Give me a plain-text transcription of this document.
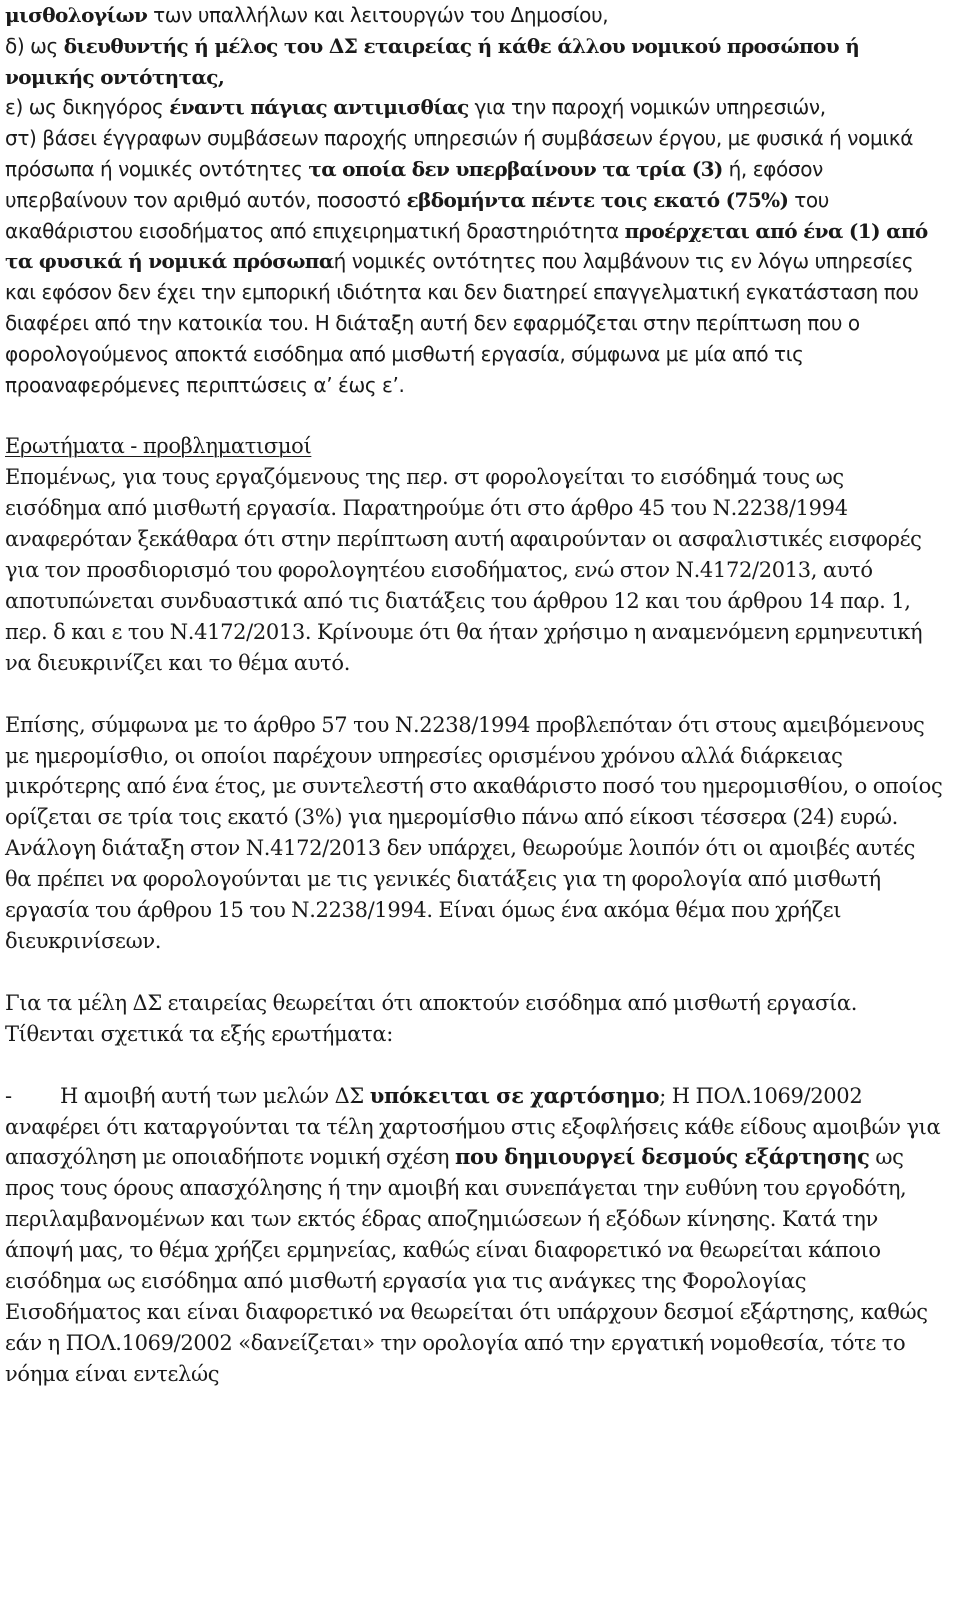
μισθολογίων των υπαλλήλων και λειτουργών του Δημοσίου,
δ) ως διευθυντής ή μέλος του ΔΣ εταιρείας ή κάθε άλλου νομικού προσώπου ή νομικής οντότητας,
ε) ως δικηγόρος έναντι πάγιας αντιμισθίας για την παροχή νομικών υπηρεσιών,
στ) βάσει έγγραφων συμβάσεων παροχής υπηρεσιών ή συμβάσεων έργου, με φυσικά ή νομικά πρόσωπα ή νομικές οντότητες τα οποία δεν υπερβαίνουν τα τρία (3) ή, εφόσον υπερβαίνουν τον αριθμό αυτόν, ποσοστό εβδομήντα πέντε τοις εκατό (75%) του ακαθάριστου εισοδήματος από επιχειρηματική δραστηριότητα προέρχεται από ένα (1) από τα φυσικά ή νομικά πρόσωπαή νομικές οντότητες που λαμβάνουν τις εν λόγω υπηρεσίες και εφόσον δεν έχει την εμπορική ιδιότητα και δεν διατηρεί επαγγελματική εγκατάσταση που διαφέρει από την κατοικία του. Η διάταξη αυτή δεν εφαρμόζεται στην περίπτωση που ο φορολογούμενος αποκτά εισόδημα από μισθωτή εργασία, σύμφωνα με μία από τις προαναφερόμενες περιπτώσεις α’ έως ε’.

Ερωτήματα - προβληματισμοί

Επομένως, για τους εργαζόμενους της περ. στ φορολογείται το εισόδημά τους ως εισόδημα από μισθωτή εργασία. Παρατηρούμε ότι στο άρθρο 45 του Ν.2238/1994 αναφερόταν ξεκάθαρα ότι στην περίπτωση αυτή αφαιρούνταν οι ασφαλιστικές εισφορές για τον προσδιορισμό του φορολογητέου εισοδήματος, ενώ στον Ν.4172/2013, αυτό αποτυπώνεται συνδυαστικά από τις διατάξεις του άρθρου 12 και του άρθρου 14 παρ. 1, περ. δ και ε του Ν.4172/2013. Κρίνουμε ότι θα ήταν χρήσιμο η αναμενόμενη ερμηνευτική να διευκρινίζει και το θέμα αυτό.

Επίσης, σύμφωνα με το άρθρο 57 του Ν.2238/1994 προβλεπόταν ότι στους αμειβόμενους με ημερομίσθιο, οι οποίοι παρέχουν υπηρεσίες ορισμένου χρόνου αλλά διάρκειας μικρότερης από ένα έτος, με συντελεστή στο ακαθάριστο ποσό του ημερομισθίου, ο οποίος ορίζεται σε τρία τοις εκατό (3%) για ημερομίσθιο πάνω από είκοσι τέσσερα (24) ευρώ. Ανάλογη διάταξη στον Ν.4172/2013 δεν υπάρχει, θεωρούμε λοιπόν ότι οι αμοιβές αυτές θα πρέπει να φορολογούνται με τις γενικές διατάξεις για τη φορολογία από μισθωτή εργασία του άρθρου 15 του Ν.2238/1994. Είναι όμως ένα ακόμα θέμα που χρήζει διευκρινίσεων.

Για τα μέλη ΔΣ εταιρείας θεωρείται ότι αποκτούν εισόδημα από μισθωτή εργασία. Τίθενται σχετικά τα εξής ερωτήματα:

- Η αμοιβή αυτή των μελών ΔΣ υπόκειται σε χαρτόσημο; Η ΠΟΛ.1069/2002 αναφέρει ότι καταργούνται τα τέλη χαρτοσήμου στις εξοφλήσεις κάθε είδους αμοιβών για απασχόληση με οποιαδήποτε νομική σχέση που δημιουργεί δεσμούς εξάρτησης ως προς τους όρους απασχόλησης ή την αμοιβή και συνεπάγεται την ευθύνη του εργοδότη, περιλαμβανομένων και των εκτός έδρας αποζημιώσεων ή εξόδων κίνησης. Κατά την άποψή μας, το θέμα χρήζει ερμηνείας, καθώς είναι διαφορετικό να θεωρείται κάποιο εισόδημα ως εισόδημα από μισθωτή εργασία για τις ανάγκες της Φορολογίας Εισοδήματος και είναι διαφορετικό να θεωρείται ότι υπάρχουν δεσμοί εξάρτησης, καθώς εάν η ΠΟΛ.1069/2002 «δανείζεται» την ορολογία από την εργατική νομοθεσία, τότε το νόημα είναι εντελώς
